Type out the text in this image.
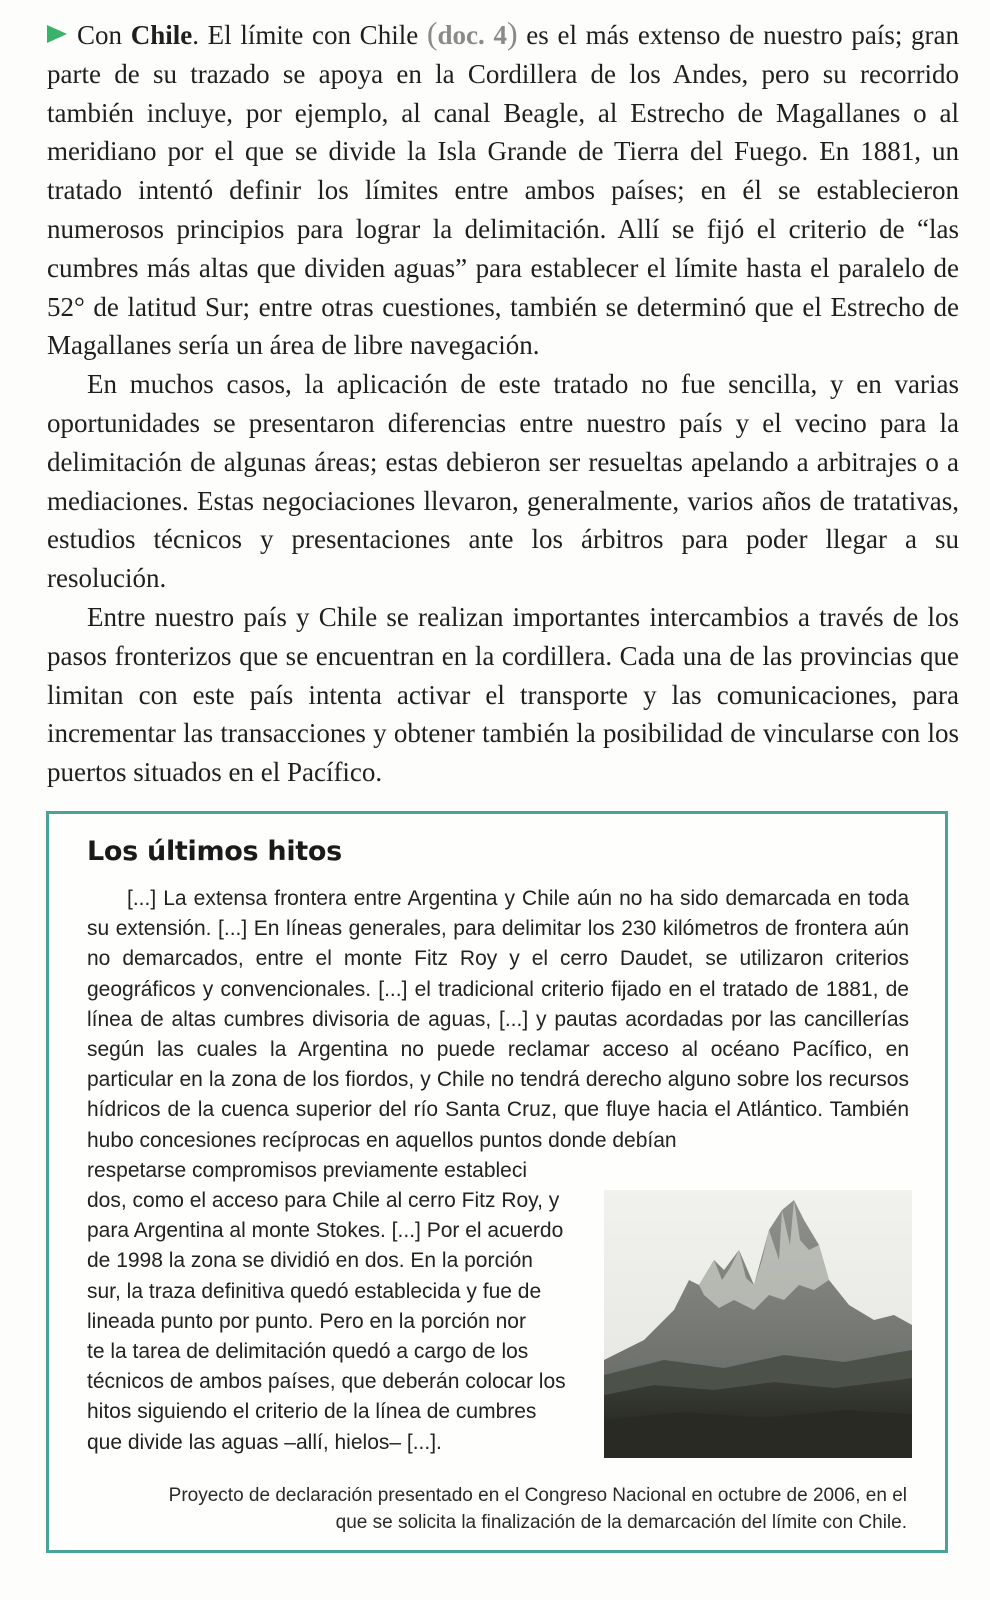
Con Chile. El límite con Chile (doc. 4) es el más extenso de nuestro país; gran parte de su trazado se apoya en la Cordillera de los Andes, pero su recorrido también incluye, por ejemplo, al canal Beagle, al Estrecho de Magallanes o al meridiano por el que se divide la Isla Grande de Tierra del Fuego. En 1881, un tratado intentó definir los límites entre ambos países; en él se establecieron numerosos principios para lograr la delimitación. Allí se fijó el criterio de “las cumbres más altas que dividen aguas” para establecer el límite hasta el paralelo de 52° de latitud Sur; entre otras cuestiones, también se determinó que el Estrecho de Magallanes sería un área de libre navegación.

En muchos casos, la aplicación de este tratado no fue sencilla, y en varias oportunidades se presentaron diferencias entre nuestro país y el vecino para la delimitación de algunas áreas; estas debieron ser resueltas apelando a arbitrajes o a mediaciones. Estas negociaciones llevaron, generalmente, varios años de tratativas, estudios técnicos y presentaciones ante los árbitros para poder llegar a su resolución.

Entre nuestro país y Chile se realizan importantes intercambios a través de los pasos fronterizos que se encuentran en la cordillera. Cada una de las provincias que limitan con este país intenta activar el transporte y las comunicaciones, para incrementar las transacciones y obtener también la posibilidad de vincularse con los puertos situados en el Pacífico.

Los últimos hitos

[...] La extensa frontera entre Argentina y Chile aún no ha sido demarcada en toda su extensión. [...] En líneas generales, para delimitar los 230 kilómetros de frontera aún no demarcados, entre el monte Fitz Roy y el cerro Daudet, se utilizaron criterios geográficos y convencionales. [...] el tradicional criterio fijado en el tratado de 1881, de línea de altas cumbres divisoria de aguas, [...] y pautas acordadas por las cancillerías según las cuales la Argentina no puede reclamar acceso al océano Pacífico, en particular en la zona de los fiordos, y Chile no tendrá derecho alguno sobre los recursos hídricos de la cuenca superior del río Santa Cruz, que fluye hacia el Atlántico. También hubo concesiones recíprocas en aquellos puntos donde debían

respetarse compromisos previamente estableci
dos, como el acceso para Chile al cerro Fitz Roy, y
para Argentina al monte Stokes. [...] Por el acuerdo
de 1998 la zona se dividió en dos. En la porción
sur, la traza definitiva quedó establecida y fue de
lineada punto por punto. Pero en la porción nor
te la tarea de delimitación quedó a cargo de los
técnicos de ambos países, que deberán colocar los
hitos siguiendo el criterio de la línea de cumbres
que divide las aguas –allí, hielos– [...].
Proyecto de declaración presentado en el Congreso Nacional en octubre de 2006, en el
que se solicita la finalización de la demarcación del límite con Chile.
